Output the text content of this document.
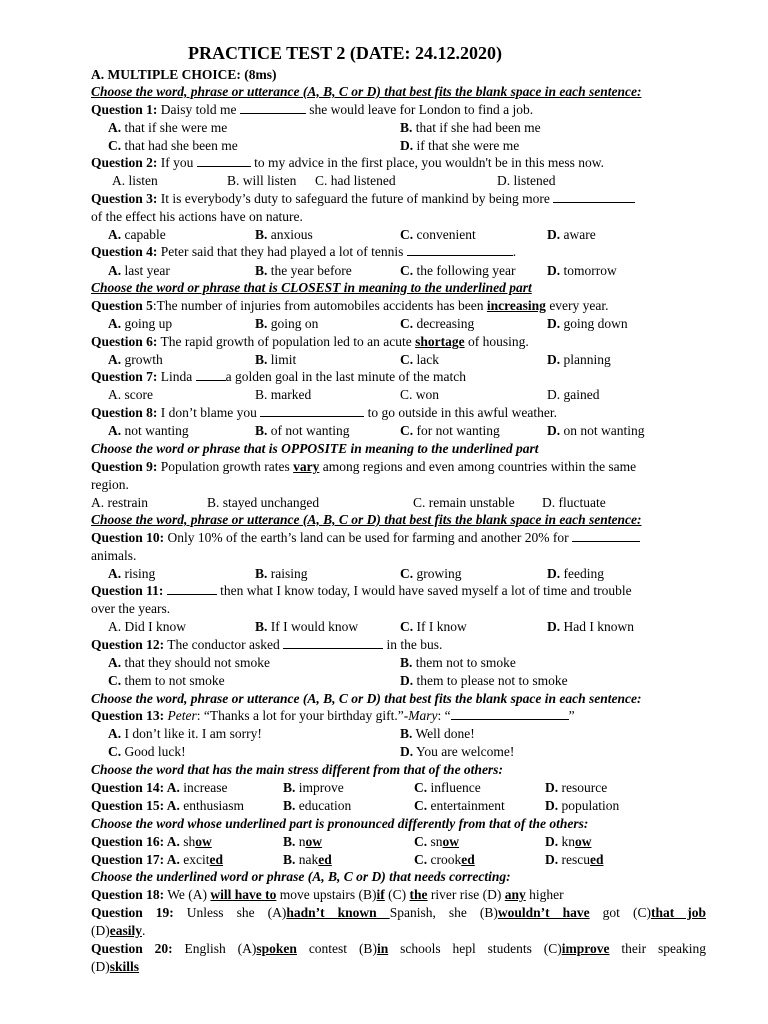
PRACTICE TEST 2 (DATE: 24.12.2020)
A. MULTIPLE CHOICE: (8ms)
Choose the word, phrase or utterance (A, B, C or D) that best fits the blank space in each sentence:
Question 1: Daisy told me	she would leave for London to find a job.
A. that if she were me	B. that if she had been me
C. that had she been me	D. if that she were me
Question 2: If you	to my advice in the first place, you wouldn't be in this mess now.
A. listen	B. will listen C. had listened	D. listened
Question 3: It is everybody’s duty to safeguard the future of mankind by being more
of the effect his actions have on nature.
A. capable	B. anxious	C. convenient	D. aware
Question 4: Peter said that they had played a lot of tennis	.
A. last year	B. the year before	C. the following year D. tomorrow
Choose the word or phrase that is CLOSEST in meaning to the underlined part
Question 5:The number of injuries from automobiles accidents has been increasing every year.
A. going up	B. going on	C. decreasing	D. going down
Question 6: The rapid growth of population led to an acute shortage of housing.
A. growth	B. limit	C. lack	D. planning
Question 7: Linda a golden goal in the last minute of the match
A. score	B. marked	C. won	D. gained
Question 8: I don’t blame you	to go outside in this awful weather.
A. not wanting	B. of not wanting	C. for not wanting	D. on not wanting
Choose the word or phrase that is OPPOSITE in meaning to the underlined part
Question 9: Population growth rates vary among regions and even among countries within the same
region.
A. restrain	B. stayed unchanged	C. remain unstable D. fluctuate
Choose the word, phrase or utterance (A, B, C or D) that best fits the blank space in each sentence:
Question 10: Only 10% of the earth’s land can be used for farming and another 20% for
animals.
A. rising	B. raising	C. growing	D. feeding
Question 11:	then what I know today, I would have saved myself a lot of time and trouble
over the years.
A. Did I know	B. If I would know	C. If I know	D. Had I known
Question 12: The conductor asked	in the bus.
A. that they should not smoke	B. them not to smoke
C. them to not smoke	D. them to please not to smoke
Choose the word, phrase or utterance (A, B, C or D) that best fits the blank space in each sentence:
Question 13: Peter: “Thanks a lot for your birthday gift.”-Mary: “	”
A. I don’t like it. I am sorry!	B. Well done!
C. Good luck!	D. You are welcome!
Choose the word that has the main stress different from that of the others:
Question 14: A. increase	B. improve	C. influence	D. resource
Question 15: A. enthusiasm	B. education	C. entertainment	D. population
Choose the word whose underlined part is pronounced differently from that of the others:
Question 16: A. show	B. now	C. snow	D. know
Question 17: A. excited	B. naked	C. crooked	D. rescued
Choose the underlined word or phrase (A, B, C or D) that needs correcting:
Question 18: We (A) will have to move upstairs (B)if (C) the river rise (D) any higher
Question 19: Unless she (A)hadn’t known Spanish, she (B)wouldn’t have got (C)that job
(D)easily.
Question 20: English (A)spoken contest (B)in schools hepl students (C)improve their speaking
(D)skills
